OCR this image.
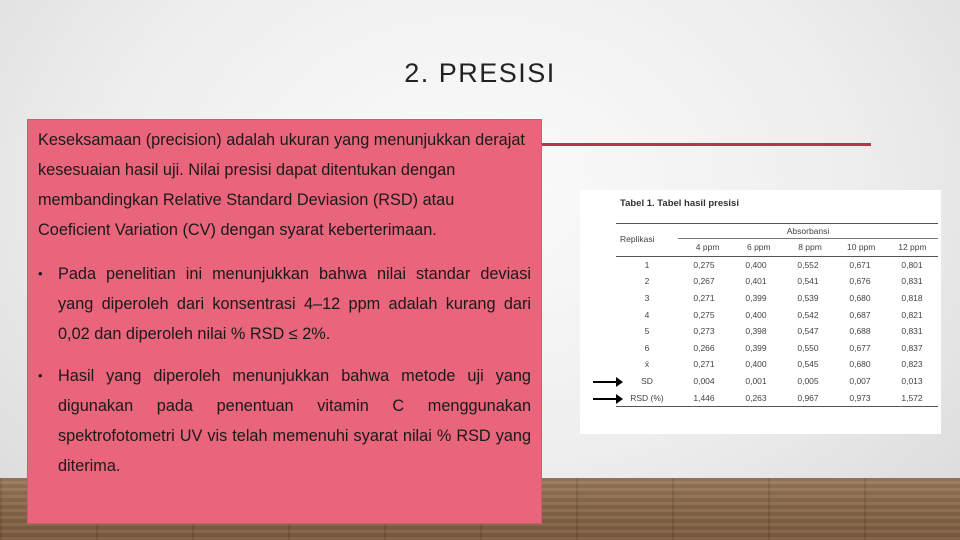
2. PRESISI

Keseksamaan (precision) adalah ukuran yang menunjukkan derajat kesesuaian hasil uji. Nilai presisi dapat ditentukan dengan membandingkan Relative Standard Deviasion (RSD) atau Coeficient Variation (CV) dengan syarat keberterimaan.

• Pada penelitian ini menunjukkan bahwa nilai standar deviasi yang diperoleh dari konsentrasi 4–12 ppm adalah kurang dari 0,02 dan diperoleh nilai % RSD ≤ 2%.
• Hasil yang diperoleh menunjukkan bahwa metode uji yang digunakan pada penentuan vitamin C menggunakan spektrofotometri UV vis telah memenuhi syarat nilai % RSD yang diterima.
Tabel 1. Tabel hasil presisi
Absorbansi
Replikasi
4 ppm	6 ppm	8 ppm	10 ppm	12 ppm
1	0,275	0,400	0,552	0,671	0,801
2	0,267	0,401	0,541	0,676	0,831
3	0,271	0,399	0,539	0,680	0,818
4	0,275	0,400	0,542	0,687	0,821
5	0,273	0,398	0,547	0,688	0,831
6	0,266	0,399	0,550	0,677	0,837
x̄	0,271	0,400	0,545	0,680	0,823
SD	0,004	0,001	0,005	0,007	0,013
RSD (%)	1,446	0,263	0,967	0,973	1,572
